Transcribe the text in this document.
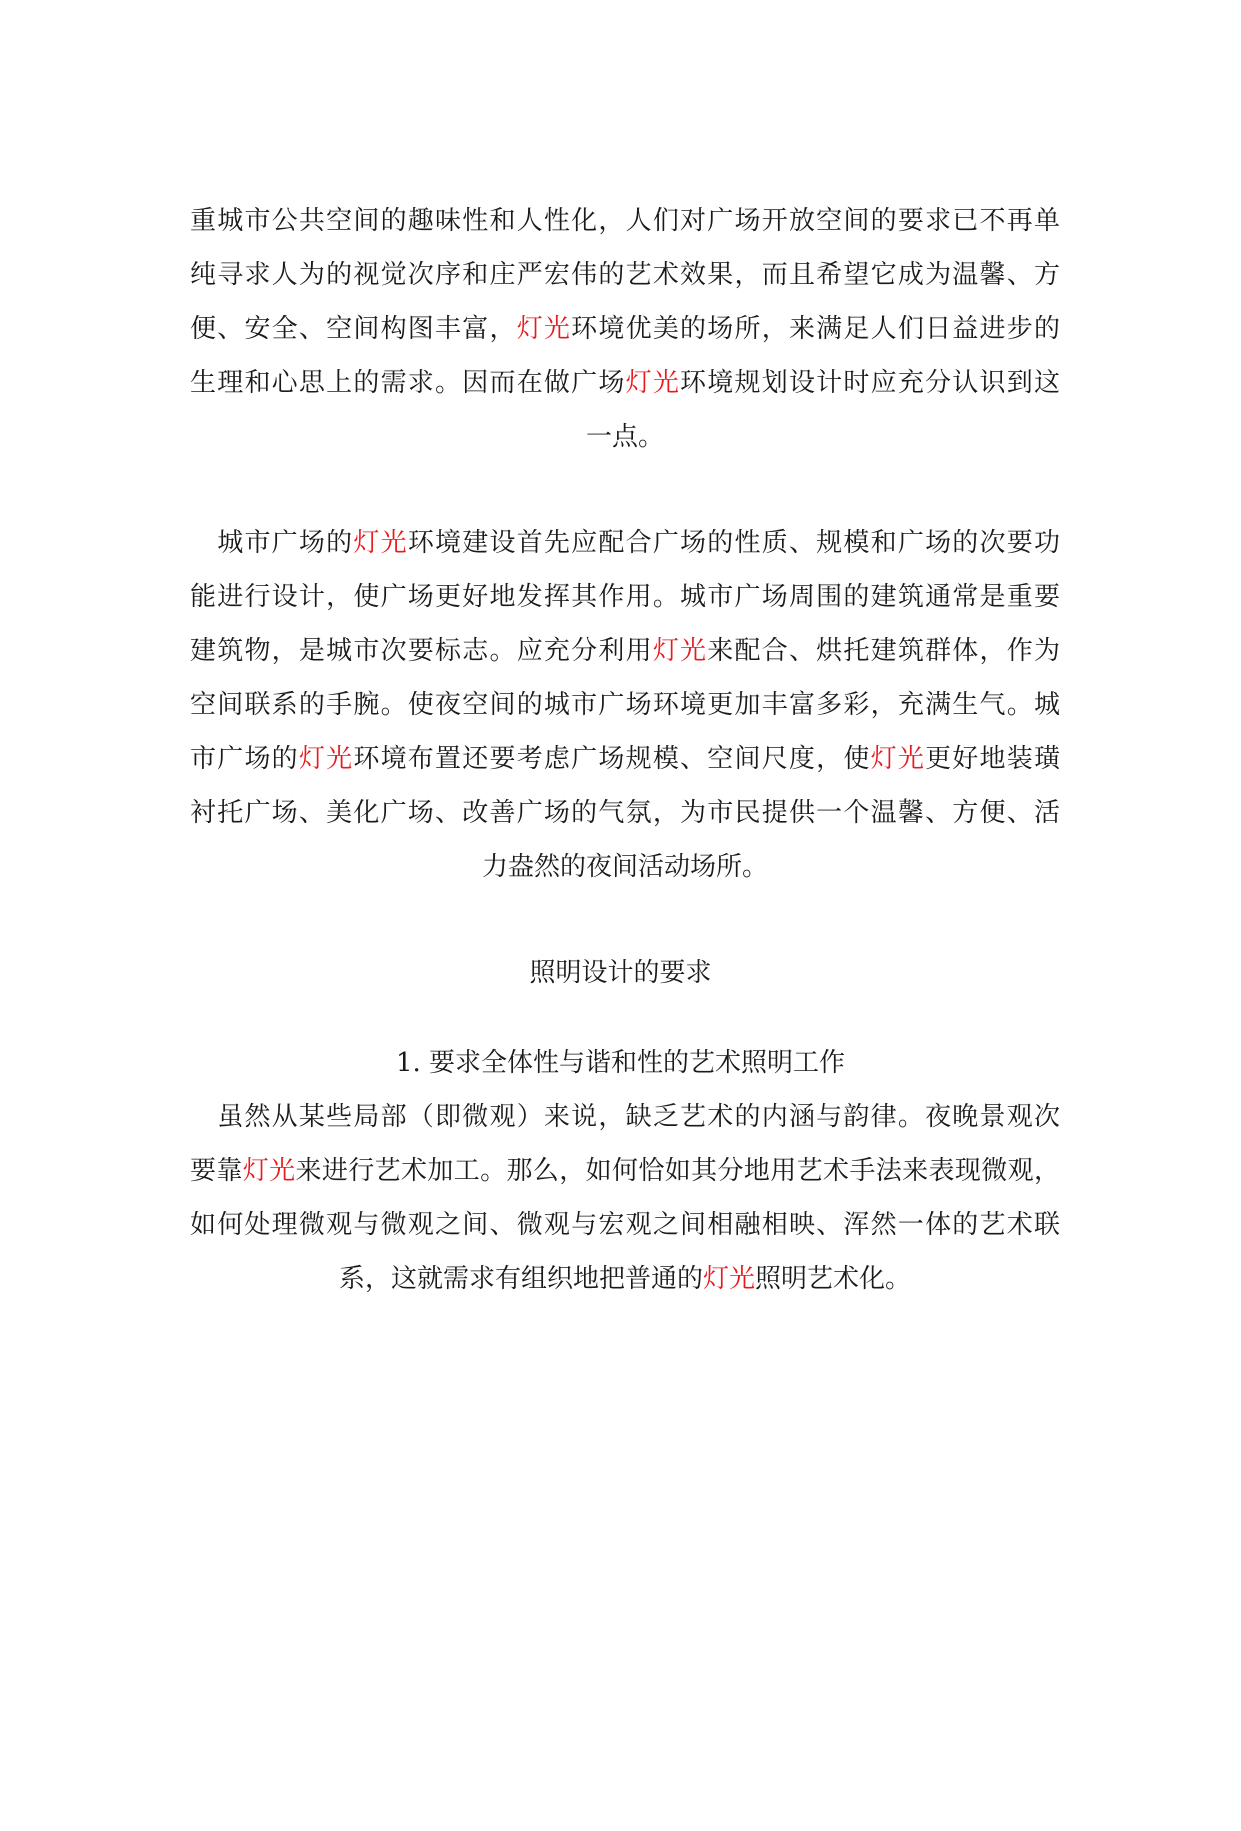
重城市公共空间的趣味性和人性化，人们对广场开放空间的要求已不再单
纯寻求人为的视觉次序和庄严宏伟的艺术效果，而且希望它成为温馨、方
便、安全、空间构图丰富，灯光环境优美的场所，来满足人们日益进步的
生理和心思上的需求。因而在做广场灯光环境规划设计时应充分认识到这
一点。
　城市广场的灯光环境建设首先应配合广场的性质、规模和广场的次要功
能进行设计，使广场更好地发挥其作用。城市广场周围的建筑通常是重要
建筑物，是城市次要标志。应充分利用灯光来配合、烘托建筑群体，作为
空间联系的手腕。使夜空间的城市广场环境更加丰富多彩，充满生气。城
市广场的灯光环境布置还要考虑广场规模、空间尺度，使灯光更好地装璜
衬托广场、美化广场、改善广场的气氛，为市民提供一个温馨、方便、活
力盎然的夜间活动场所。
照明设计的要求
1. 要求全体性与谐和性的艺术照明工作
　虽然从某些局部（即微观）来说，缺乏艺术的内涵与韵律。夜晚景观次
要靠灯光来进行艺术加工。那么，如何恰如其分地用艺术手法来表现微观，
如何处理微观与微观之间、微观与宏观之间相融相映、浑然一体的艺术联
系，这就需求有组织地把普通的灯光照明艺术化。
